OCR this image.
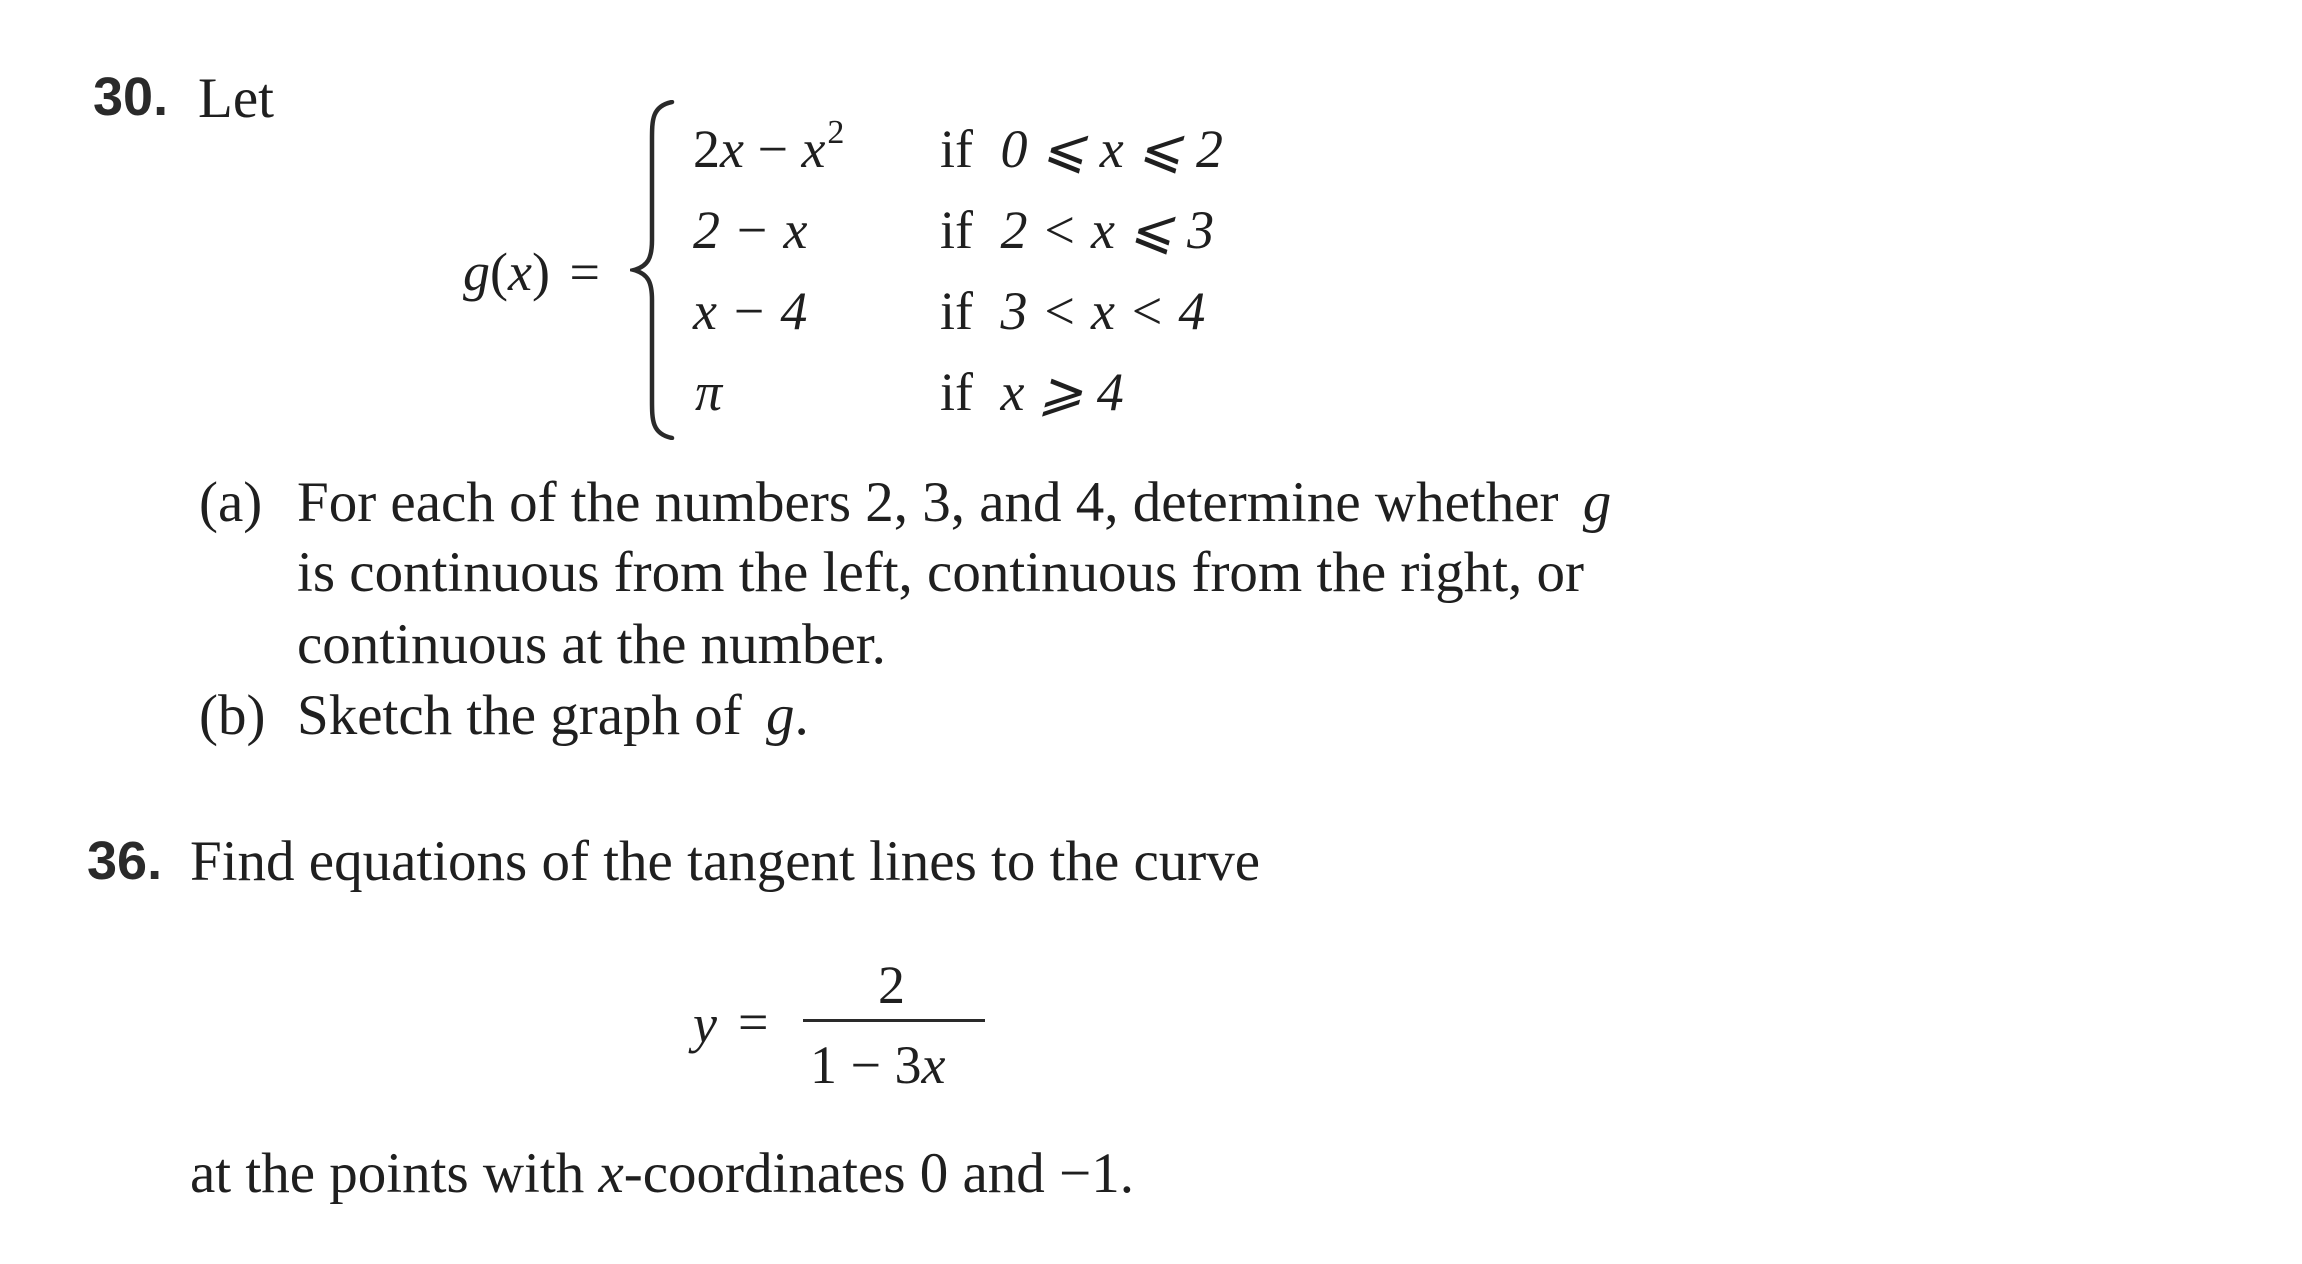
30. Let
g(x) =
$2x - x^2$
2 − x
x − 4
π
if 0 ⩽ x ⩽ 2
if 2 < x ⩽ 3
if 3 < x < 4
if x ⩾ 4
(a) For each of the numbers 2, 3, and 4, determine whether g
is continuous from the left, continuous from the right, or
continuous at the number.
(b) Sketch the graph of g.
36. Find equations of the tangent lines to the curve
y =
2
1 − 3x
at the points with x-coordinates 0 and −1.
